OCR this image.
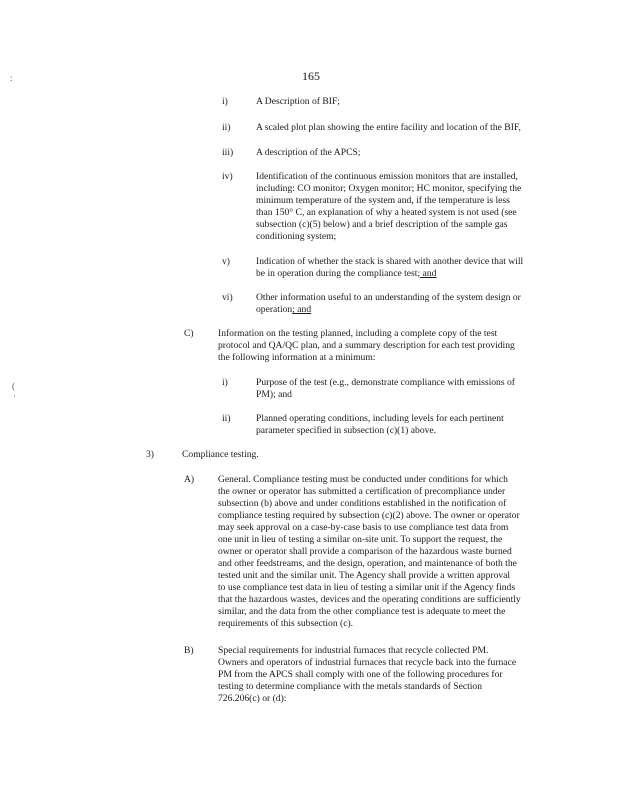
165
:
(
·
i)	A Description of BIF;
ii)	A scaled plot plan showing the entire facility and location of the BIF,
iii) A description of the APCS;
iv) Identification of the continuous emission monitors that are installed,
including: CO monitor; Oxygen monitor; HC monitor, specifying the
minimum temperature of the system and, if the temperature is less
than 150° C, an explanation of why a heated system is not used (see
subsection (c)(5) below) and a brief description of the sample gas
conditioning system;
v)	Indication of whether the stack is shared with another device that will
be in operation during the compliance test; and
vi) Other information useful to an understanding of the system design or
operation; and
C)	Information on the testing planned, including a complete copy of the test
protocol and QA/QC plan, and a summary description for each test providing
the following information at a minimum:
i)	Purpose of the test (e.g., demonstrate compliance with emissions of
PM); and
ii)	Planned operating conditions, including levels for each pertinent
parameter specified in subsection (c)(1) above.
3)	Compliance testing.
A) General. Compliance testing must be conducted under conditions for which
the owner or operator has submitted a certification of precompliance under
subsection (b) above and under conditions established in the notification of
compliance testing required by subsection (c)(2) above. The owner or operator
may seek approval on a case-by-case basis to use compliance test data from
one unit in lieu of testing a similar on-site unit. To support the request, the
owner or operator shall provide a comparison of the hazardous waste burned
and other feedstreams, and the design, operation, and maintenance of both the
tested unit and the similar unit. The Agency shall provide a written approval
to use compliance test data in lieu of testing a similar unit if the Agency finds
that the hazardous wastes, devices and the operating conditions are sufficiently
similar, and the data from the other compliance test is adequate to meet the
requirements of this subsection (c).
B)	Special requirements for industrial furnaces that recycle collected PM.
Owners and operators of industrial furnaces that recycle back into the furnace
PM from the APCS shall comply with one of the following procedures for
testing to determine compliance with the metals standards of Section
726.206(c) or (d):
